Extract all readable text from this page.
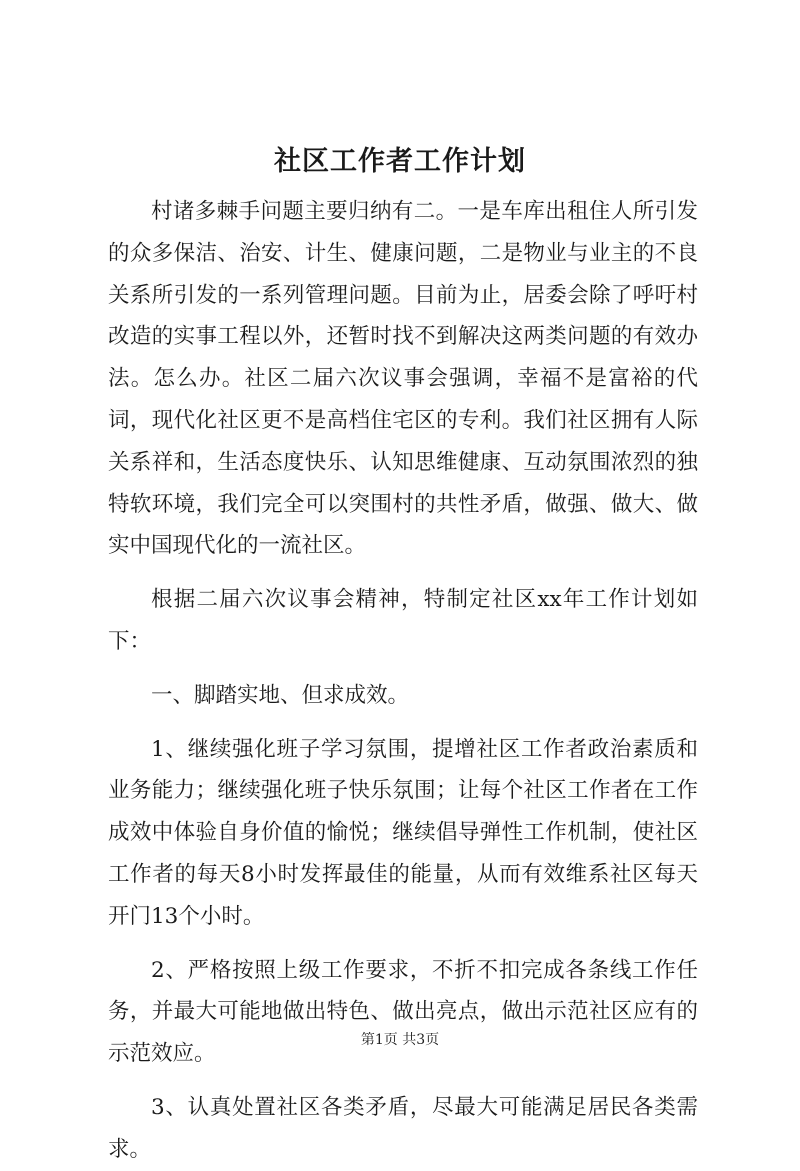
社区工作者工作计划

村诸多棘手问题主要归纳有二。一是车库出租住人所引发的众多保洁、治安、计生、健康问题，二是物业与业主的不良关系所引发的一系列管理问题。目前为止，居委会除了呼吁村改造的实事工程以外，还暂时找不到解决这两类问题的有效办法。怎么办。社区二届六次议事会强调，幸福不是富裕的代词，现代化社区更不是高档住宅区的专利。我们社区拥有人际关系祥和，生活态度快乐、认知思维健康、互动氛围浓烈的独特软环境，我们完全可以突围村的共性矛盾，做强、做大、做实中国现代化的一流社区。

根据二届六次议事会精神，特制定社区xx年工作计划如下：

一、脚踏实地、但求成效。

1、继续强化班子学习氛围，提增社区工作者政治素质和业务能力；继续强化班子快乐氛围；让每个社区工作者在工作成效中体验自身价值的愉悦；继续倡导弹性工作机制，使社区工作者的每天8小时发挥最佳的能量，从而有效维系社区每天开门13个小时。

2、严格按照上级工作要求，不折不扣完成各条线工作任务，并最大可能地做出特色、做出亮点，做出示范社区应有的示范效应。

3、认真处置社区各类矛盾，尽最大可能满足居民各类需求。

第1页 共3页
